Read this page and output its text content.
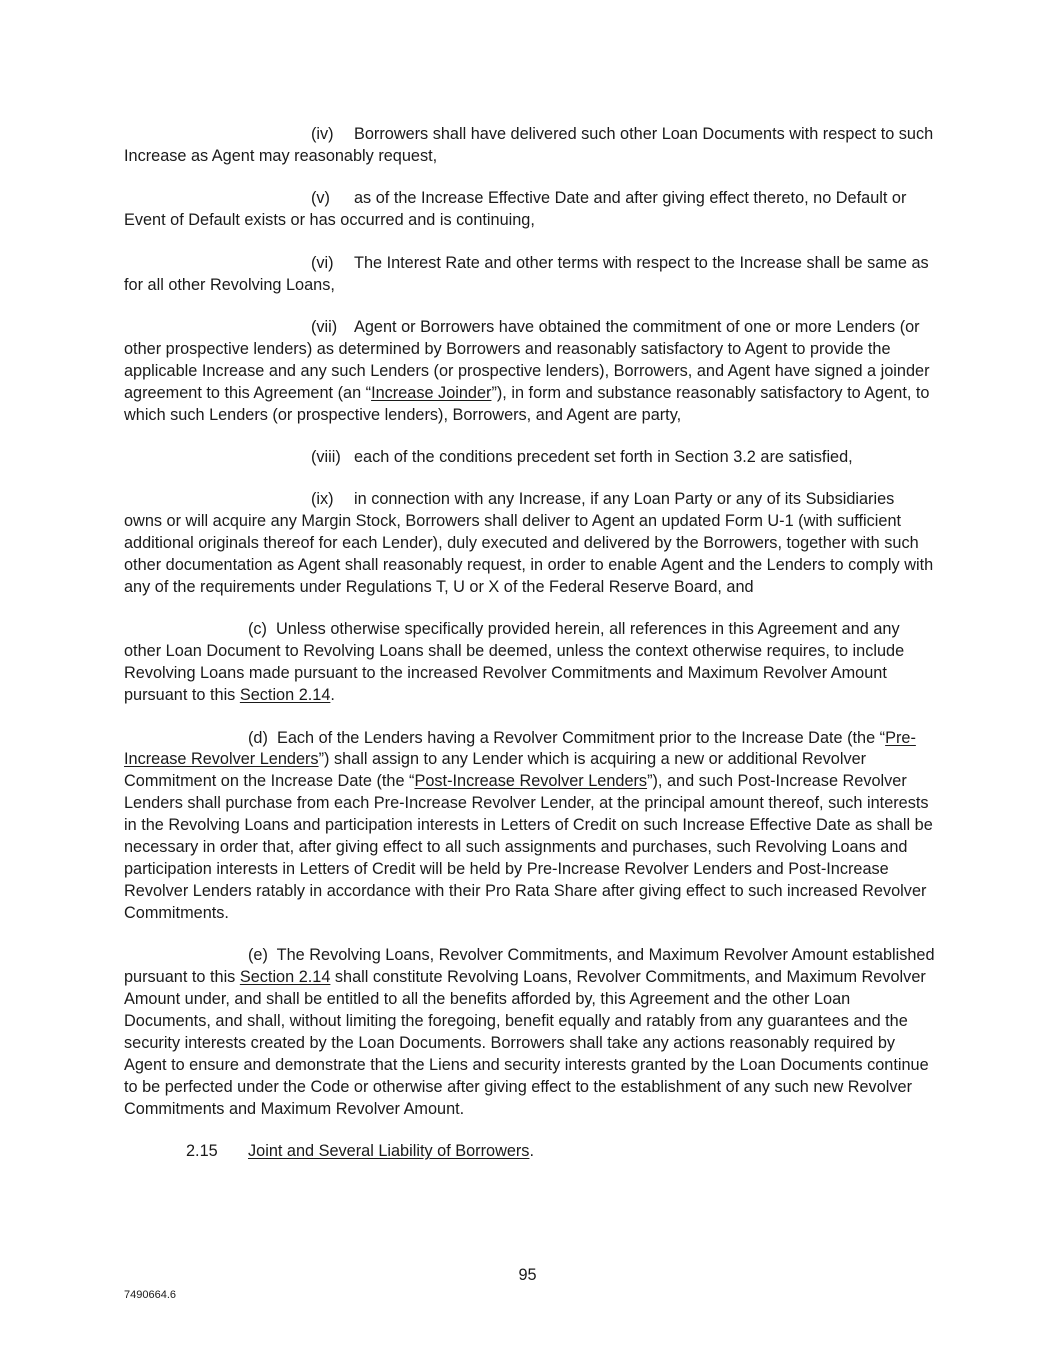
(iv) Borrowers shall have delivered such other Loan Documents with respect to such Increase as Agent may reasonably request,

(v) as of the Increase Effective Date and after giving effect thereto, no Default or Event of Default exists or has occurred and is continuing,

(vi) The Interest Rate and other terms with respect to the Increase shall be same as for all other Revolving Loans,

(vii) Agent or Borrowers have obtained the commitment of one or more Lenders (or other prospective lenders) as determined by Borrowers and reasonably satisfactory to Agent to provide the applicable Increase and any such Lenders (or prospective lenders), Borrowers, and Agent have signed a joinder agreement to this Agreement (an “Increase Joinder”), in form and substance reasonably satisfactory to Agent, to which such Lenders (or prospective lenders), Borrowers, and Agent are party,

(viii) each of the conditions precedent set forth in Section 3.2 are satisfied,

(ix) in connection with any Increase, if any Loan Party or any of its Subsidiaries owns or will acquire any Margin Stock, Borrowers shall deliver to Agent an updated Form U-1 (with sufficient additional originals thereof for each Lender), duly executed and delivered by the Borrowers, together with such other documentation as Agent shall reasonably request, in order to enable Agent and the Lenders to comply with any of the requirements under Regulations T, U or X of the Federal Reserve Board, and

(c) Unless otherwise specifically provided herein, all references in this Agreement and any other Loan Document to Revolving Loans shall be deemed, unless the context otherwise requires, to include Revolving Loans made pursuant to the increased Revolver Commitments and Maximum Revolver Amount pursuant to this Section 2.14.

(d) Each of the Lenders having a Revolver Commitment prior to the Increase Date (the “Pre-Increase Revolver Lenders”) shall assign to any Lender which is acquiring a new or additional Revolver Commitment on the Increase Date (the “Post-Increase Revolver Lenders”), and such Post-Increase Revolver Lenders shall purchase from each Pre-Increase Revolver Lender, at the principal amount thereof, such interests in the Revolving Loans and participation interests in Letters of Credit on such Increase Effective Date as shall be necessary in order that, after giving effect to all such assignments and purchases, such Revolving Loans and participation interests in Letters of Credit will be held by Pre-Increase Revolver Lenders and Post-Increase Revolver Lenders ratably in accordance with their Pro Rata Share after giving effect to such increased Revolver Commitments.

(e) The Revolving Loans, Revolver Commitments, and Maximum Revolver Amount established pursuant to this Section 2.14 shall constitute Revolving Loans, Revolver Commitments, and Maximum Revolver Amount under, and shall be entitled to all the benefits afforded by, this Agreement and the other Loan Documents, and shall, without limiting the foregoing, benefit equally and ratably from any guarantees and the security interests created by the Loan Documents. Borrowers shall take any actions reasonably required by Agent to ensure and demonstrate that the Liens and security interests granted by the Loan Documents continue to be perfected under the Code or otherwise after giving effect to the establishment of any such new Revolver Commitments and Maximum Revolver Amount.

2.15 Joint and Several Liability of Borrowers.

95
7490664.6
